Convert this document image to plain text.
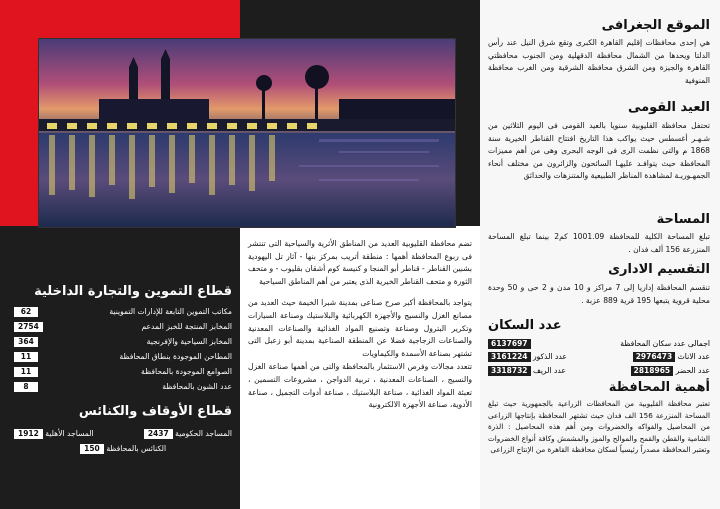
الموقع الجغرافى
هي إحدى محافظات إقليم القاهرة الكبرى وتقع شرق النيل عند رأس الدلتا ويحدها من الشمال محافظة الدقهلية ومن الجنوب محافظتي القاهرة والجيزة ومن الشرق محافظة الشرقية ومن الغرب محافظة المنوفية
العيد القومى
تحتفل محافظة القليوبية سنويا بالعيد القومى فى اليوم الثلاثين من شـهـر أغسطس حيث يواكب هذا التاريخ افتتاح القناطر الخيرية سنة 1868 م والتى نظمت الرى فى الوجه البحرى وهى من أهم مميزات المحافظة حيث يتوافـد عليهـا السائحون والزائرون من مختلف أنحاء الجمهـوريـة لمشاهدة المناظر الطبيعية والمتنزهات والحدائق
المساحة
تبلغ المساحة الكلية للمحافظة 1001.09 كم2 بينما تبلغ المساحة المنزرعة 156 ألف فدان .
التقسيم الادارى
تنقسم المحافظة إداريا إلى 7 مراكز و 10 مدن و 2 حى و 50 وحدة محلية قروية يتبعها 195 قرية 889 عزبة .
عدد السكان
اجمالى عدد سكان المحافظة
6137697
عدد الاناث 2976473
عدد الذكور 3161224
عدد الحضر 2818965
عدد الريف 3318732
أهمية المحافظة
تعتبر محافظة القليوبية من المحافظات الزراعية بالجمهورية حيث تبلغ المساحة المنزرعة 156 الف فدان حيث تشتهر المحافظة بإنتاجها الزراعى من المحاصيل والفواكه والخضروات ومن أهم هذه المحاصيل : الذرة الشامية والقطن والقمح والموالح والموز والمشمش وكافة أنواع الخضروات وتعتبر المحافظة مصدراً رئيسياً لسكان محافظة القاهرة من الإنتاج الزراعى
تضم محافظة القليوبية العديد من المناطق الأثرية والسياحية التى تنتشر فى ربوع المحافظة أهمها : منطقة أتريب بمركز بنها - آثار تل اليهودية بشبين القناطر - قناطر أبو المنجا و كنيسة كوم أشقان بقليوب - و متحف الثورة و متحف القناطر الخيرية الذى يعتبر من أهم المناطق السياحية
يتواجد بالمحافظة أكبر صرح صناعى بمدينة شبرا الخيمة حيث العديد من مصانع الغزل والنسيج والأجهزة الكهربائية والبلاستيك وصناعة السيارات وتكرير البترول وصناعة وتصنيع المواد الغذائية والصناعات المعدنية والصناعات الزجاجية فضلا عن المنطقة الصناعية بمدينة أبو زعبل التى تشتهر بصناعة الأسمدة والكيماويات
تتعدد مجالات وفرص الاستثمار بالمحافظة والتى من أهمها صناعة الغزل والنسيج ، الصناعات المعدنية ، تربية الدواجن ، مشروعات التسمين ، تعبئة المواد الغذائية ، صناعة البلاستيك ، صناعة أدوات التجميل ، صناعة الأدوية، صناعة الأجهزة الالكترونية
قطاع التموين والتجارة الداخلية
مكاتب التموين التابعة للإدارات التموينية
62
المخابز المنتجة للخبز المدعم
2754
المخابز السياحية والإفرنجية
364
المطاحن الموجودة بنطاق المحافظة
11
الصوامع الموجودة بالمحافظة
11
عدد الشون بالمحافظة
8
قطاع الأوقاف والكنائس
المساجد الحكومية 2437
المساجد الأهلية 1912
الكنائس بالمحافظة 150
